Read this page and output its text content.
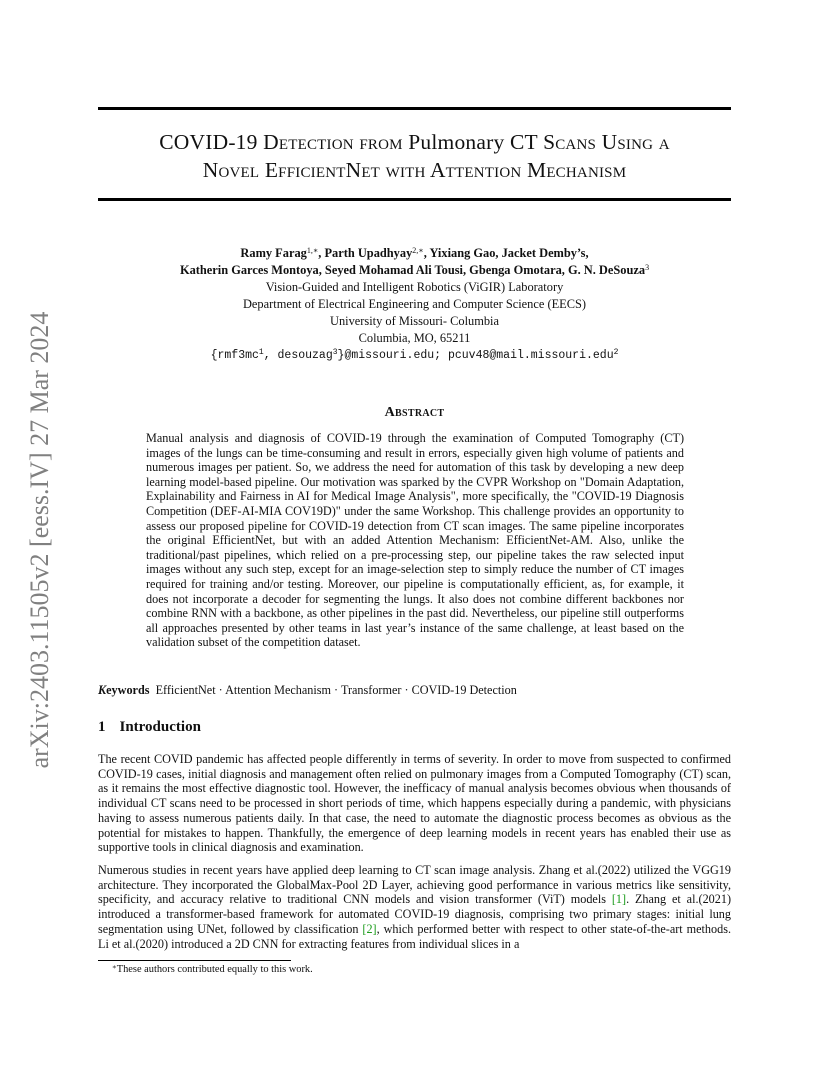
arXiv:2403.11505v2 [eess.IV] 27 Mar 2024
COVID-19 Detection from Pulmonary CT Scans Using a
Novel EfficientNet with Attention Mechanism
Ramy Farag$^{1,∗}$, Parth Upadhyay$^{2,∗}$, Yixiang Gao, Jacket Demby’s,
Katherin Garces Montoya, Seyed Mohamad Ali Tousi, Gbenga Omotara, G. N. DeSouza$^3$
Vision-Guided and Intelligent Robotics (ViGIR) Laboratory
Department of Electrical Engineering and Computer Science (EECS)
University of Missouri- Columbia
Columbia, MO, 65211
{$rmf3mc^1$, desouzag$^3$}@missouri.edu; pcuv48@mail.missouri.edu$^2$
Abstract
Manual analysis and diagnosis of COVID-19 through the examination of Computed Tomography (CT) images of the lungs can be time-consuming and result in errors, especially given high volume of patients and numerous images per patient. So, we address the need for automation of this task by developing a new deep learning model-based pipeline. Our motivation was sparked by the CVPR Workshop on "Domain Adaptation, Explainability and Fairness in AI for Medical Image Analysis", more specifically, the "COVID-19 Diagnosis Competition (DEF-AI-MIA COV19D)" under the same Workshop. This challenge provides an opportunity to assess our proposed pipeline for COVID-19 detection from CT scan images. The same pipeline incorporates the original EfficientNet, but with an added Attention Mechanism: EfficientNet-AM. Also, unlike the traditional/past pipelines, which relied on a pre-processing step, our pipeline takes the raw selected input images without any such step, except for an image-selection step to simply reduce the number of CT images required for training and/or testing. Moreover, our pipeline is computationally efficient, as, for example, it does not incorporate a decoder for segmenting the lungs. It also does not combine different backbones nor combine RNN with a backbone, as other pipelines in the past did. Nevertheless, our pipeline still outperforms all approaches presented by other teams in last year’s instance of the same challenge, at least based on the validation subset of the competition dataset.
Keywords EfficientNet · Attention Mechanism · Transformer · COVID-19 Detection
1 Introduction
The recent COVID pandemic has affected people differently in terms of severity. In order to move from suspected to confirmed COVID-19 cases, initial diagnosis and management often relied on pulmonary images from a Computed Tomography (CT) scan, as it remains the most effective diagnostic tool. However, the inefficacy of manual analysis becomes obvious when thousands of individual CT scans need to be processed in short periods of time, which happens especially during a pandemic, with physicians having to assess numerous patients daily. In that case, the need to automate the diagnostic process becomes as obvious as the potential for mistakes to happen. Thankfully, the emergence of deep learning models in recent years has enabled their use as supportive tools in clinical diagnosis and examination.
Numerous studies in recent years have applied deep learning to CT scan image analysis. Zhang et al.(2022) utilized the VGG19 architecture. They incorporated the GlobalMax-Pool 2D Layer, achieving good performance in various metrics like sensitivity, specificity, and accuracy relative to traditional CNN models and vision transformer (ViT) models [1]. Zhang et al.(2021) introduced a transformer-based framework for automated COVID-19 diagnosis, comprising two primary stages: initial lung segmentation using UNet, followed by classification [2], which performed better with respect to other state-of-the-art methods. Li et al.(2020) introduced a 2D CNN for extracting features from individual slices in a
∗These authors contributed equally to this work.
